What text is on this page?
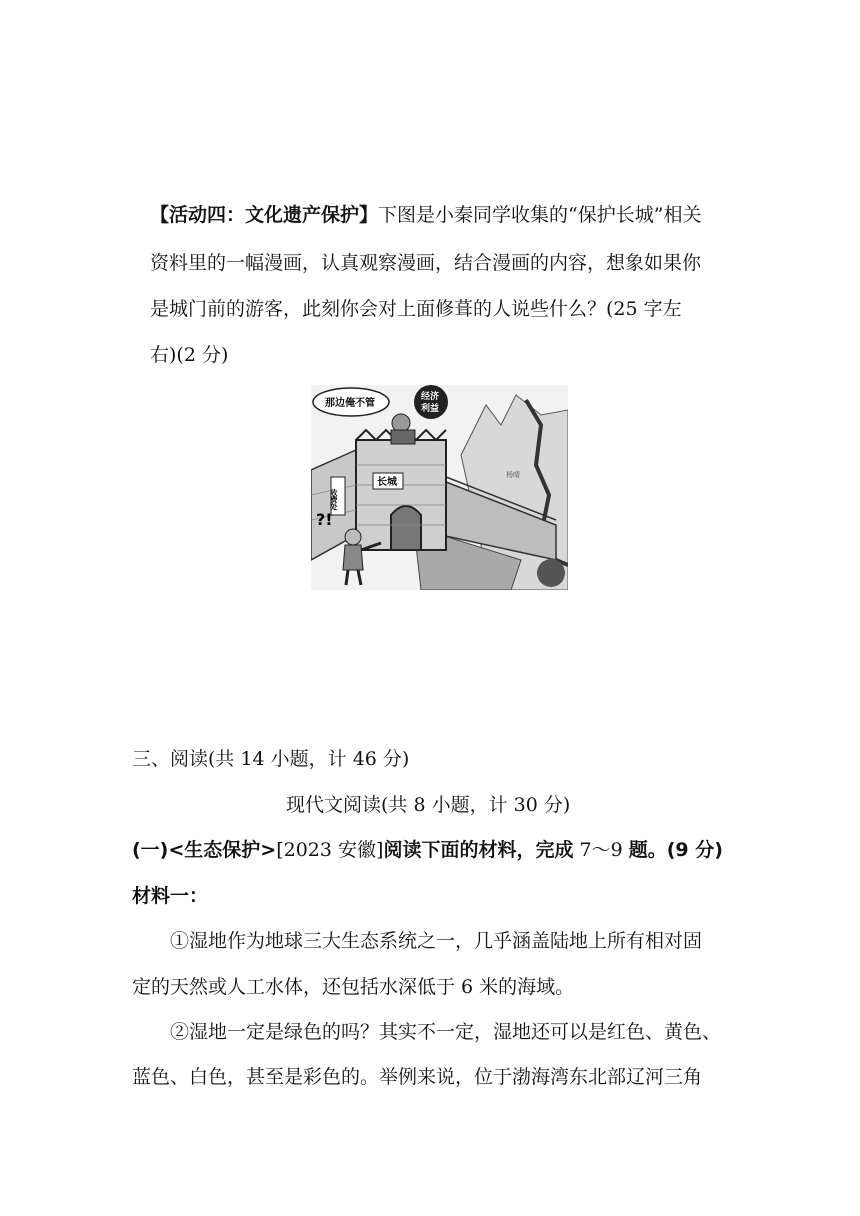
【活动四：文化遗产保护】下图是小秦同学收集的“保护长城”相关
资料里的一幅漫画，认真观察漫画，结合漫画的内容，想象如果你
是城门前的游客，此刻你会对上面修葺的人说些什么？(25 字左
右)(2 分)
长城
收费处
那边俺不管
经济
利益
?!
杨晴
三、阅读(共 14 小题，计 46 分)
现代文阅读(共 8 小题，计 30 分)
(一)<生态保护>[2023 安徽]阅读下面的材料，完成 7～9 题。(9 分)
材料一：
①湿地作为地球三大生态系统之一，几乎涵盖陆地上所有相对固
定的天然或人工水体，还包括水深低于 6 米的海域。
②湿地一定是绿色的吗？其实不一定，湿地还可以是红色、黄色、
蓝色、白色，甚至是彩色的。举例来说，位于渤海湾东北部辽河三角
